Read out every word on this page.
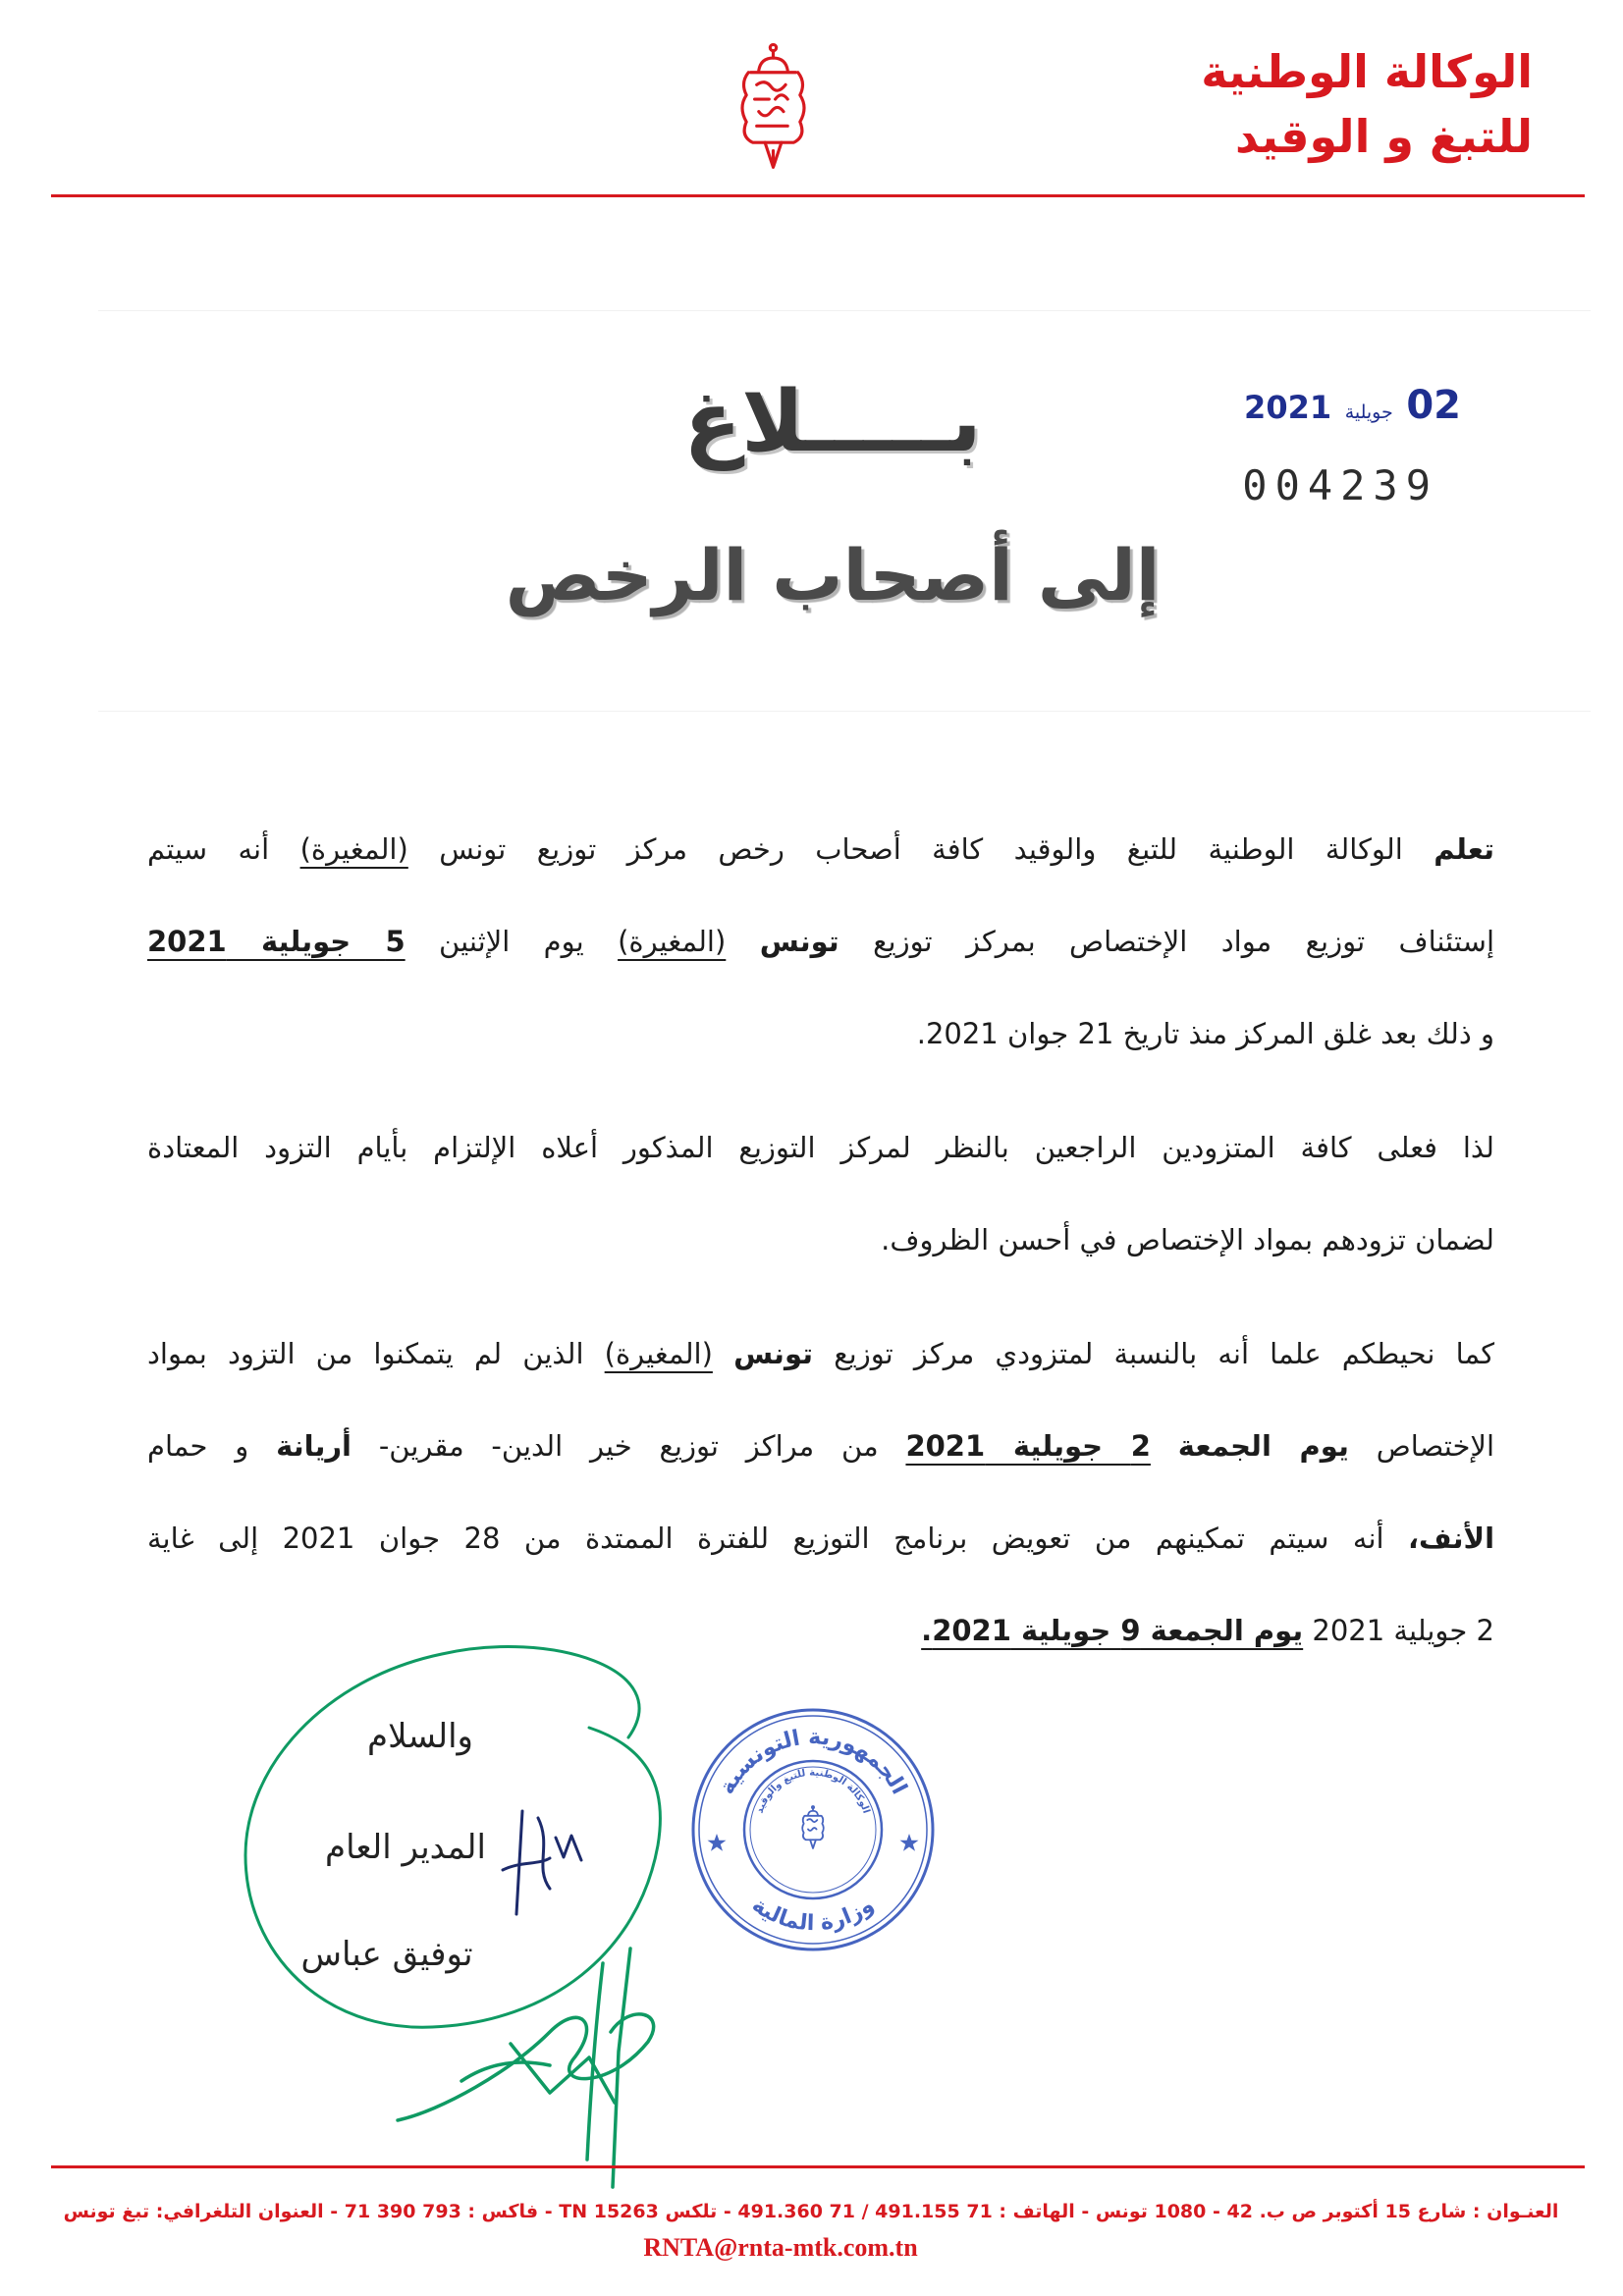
الوكالة الوطنية
للتبغ و الوقيد
02 جويلية 2021
004239
بـــــلاغ
إلى أصحاب الرخص
تعلم الوكالة الوطنية للتبغ والوقيد كافة أصحاب رخص مركز توزيع تونس (المغيرة) أنه سيتم
إستئناف توزيع مواد الإختصاص بمركز توزيع تونس (المغيرة) يوم الإثنين 5 جويلية 2021
و ذلك بعد غلق المركز منذ تاريخ 21 جوان 2021.
لذا فعلى كافة المتزودين الراجعين بالنظر لمركز التوزيع المذكور أعلاه الإلتزام بأيام التزود المعتادة
لضمان تزودهم بمواد الإختصاص في أحسن الظروف.
كما نحيطكم علما أنه بالنسبة لمتزودي مركز توزيع تونس (المغيرة) الذين لم يتمكنوا من التزود بمواد
الإختصاص يوم الجمعة 2 جويلية 2021 من مراكز توزيع خير الدين- مقرين- أريانة و حمام
الأنف، أنه سيتم تمكينهم من تعويض برنامج التوزيع للفترة الممتدة من 28 جوان 2021 إلى غاية
2 جويلية 2021 يوم الجمعة 9 جويلية 2021.
والسلام
المدير العام
توفيق عباس
الجمهورية التونسية
وزارة المالية
الوكالة الوطنية للتبغ والوقيد
العنـوان : شارع 15 أكتوبر ص ب. 42 - 1080 تونس - الهاتف : 71 491.155 / 71 491.360 - تلكس 15263 TN - فاكس : 793 390 71 - العنوان التلغرافي: تبغ تونس
RNTA@rnta-mtk.com.tn
